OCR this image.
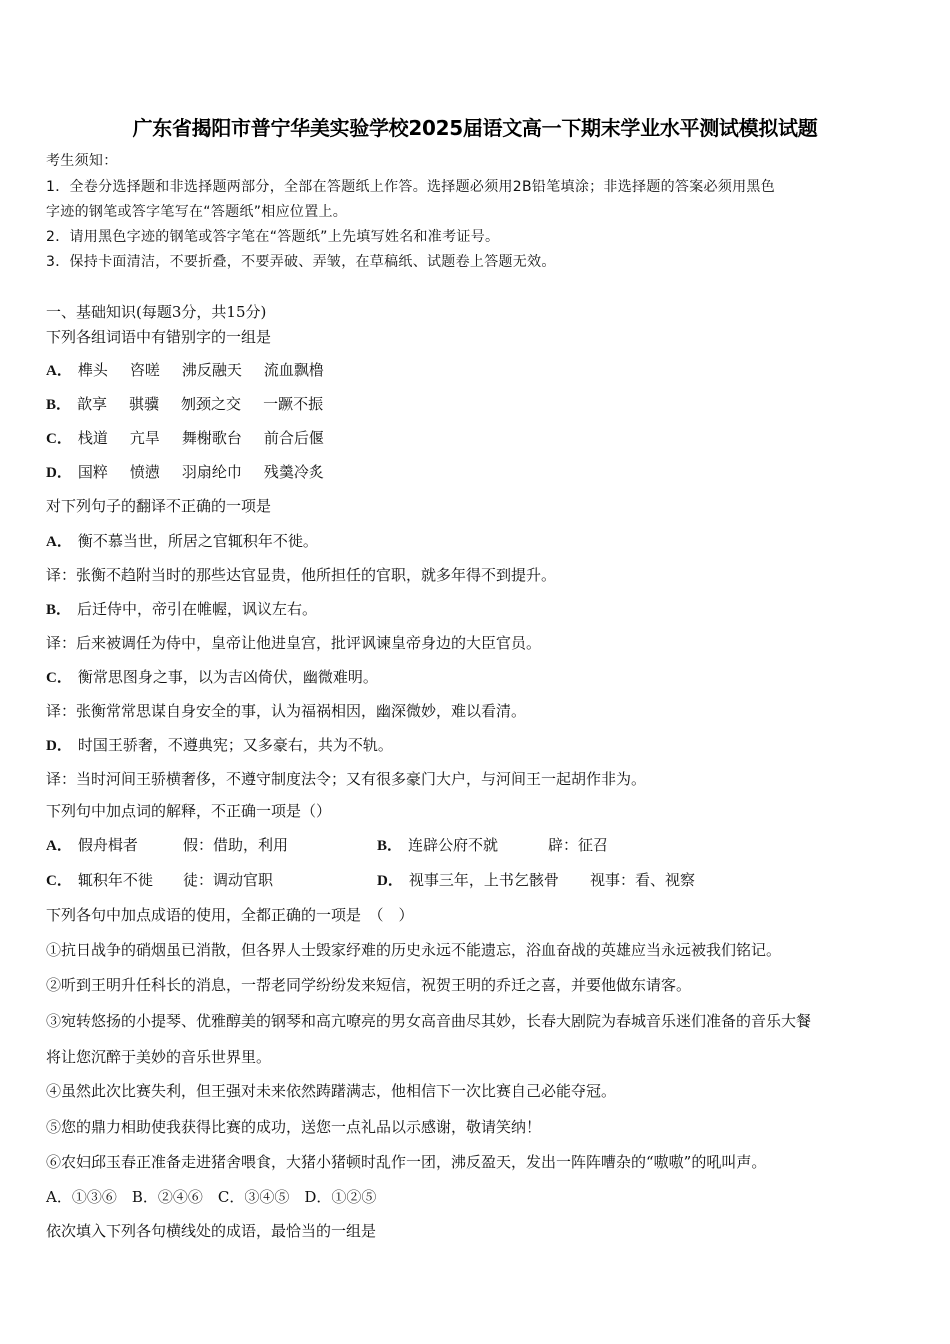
广东省揭阳市普宁华美实验学校2025届语文高一下期末学业水平测试模拟试题
考生须知：
1．全卷分选择题和非选择题两部分，全部在答题纸上作答。选择题必须用2B铅笔填涂；非选择题的答案必须用黑色
字迹的钢笔或答字笔写在“答题纸”相应位置上。
2．请用黑色字迹的钢笔或答字笔在“答题纸”上先填写姓名和准考证号。
3．保持卡面清洁，不要折叠，不要弄破、弄皱，在草稿纸、试题卷上答题无效。
一、基础知识(每题3分，共15分)
下列各组词语中有错别字的一组是
A． 榫头 咨嗟 沸反融天 流血飘橹
B． 歆享 骐骥 刎颈之交 一蹶不振
C． 栈道 亢旱 舞榭歌台 前合后偃
D． 国粹 愤懑 羽扇纶巾 残羹冷炙
对下列句子的翻译不正确的一项是
A． 衡不慕当世，所居之官辄积年不徙。
译：张衡不趋附当时的那些达官显贵，他所担任的官职，就多年得不到提升。
B． 后迁侍中，帝引在帷幄，讽议左右。
译：后来被调任为侍中，皇帝让他进皇宫，批评讽谏皇帝身边的大臣官员。
C． 衡常思图身之事，以为吉凶倚伏，幽微难明。
译：张衡常常思谋自身安全的事，认为福祸相因，幽深微妙，难以看清。
D． 时国王骄奢，不遵典宪；又多豪右，共为不轨。
译：当时河间王骄横奢侈，不遵守制度法令；又有很多豪门大户，与河间王一起胡作非为。
下列句中加点词的解释，不正确一项是（）
A． 假舟楫者	假：借助，利用	B． 连辟公府不就	辟：征召
C． 辄积年不徙 徒：调动官职	D． 视事三年，上书乞骸骨 视事：看、视察
下列各句中加点成语的使用，全都正确的一项是　（　）
①抗日战争的硝烟虽已消散，但各界人士毁家纾难的历史永远不能遗忘，浴血奋战的英雄应当永远被我们铭记。
②听到王明升任科长的消息，一帮老同学纷纷发来短信，祝贺王明的乔迁之喜，并要他做东请客。
③宛转悠扬的小提琴、优雅醇美的钢琴和高亢嘹亮的男女高音曲尽其妙，长春大剧院为春城音乐迷们准备的音乐大餐
将让您沉醉于美妙的音乐世界里。
④虽然此次比赛失利，但王强对未来依然踌躇满志，他相信下一次比赛自己必能夺冠。
⑤您的鼎力相助使我获得比赛的成功，送您一点礼品以示感谢，敬请笑纳！
⑥农妇邱玉春正准备走进猪舍喂食，大猪小猪顿时乱作一团，沸反盈天，发出一阵阵嘈杂的“嗷嗷”的吼叫声。
A．①③⑥　B．②④⑥　C．③④⑤　D．①②⑤
依次填入下列各句横线处的成语，最恰当的一组是
